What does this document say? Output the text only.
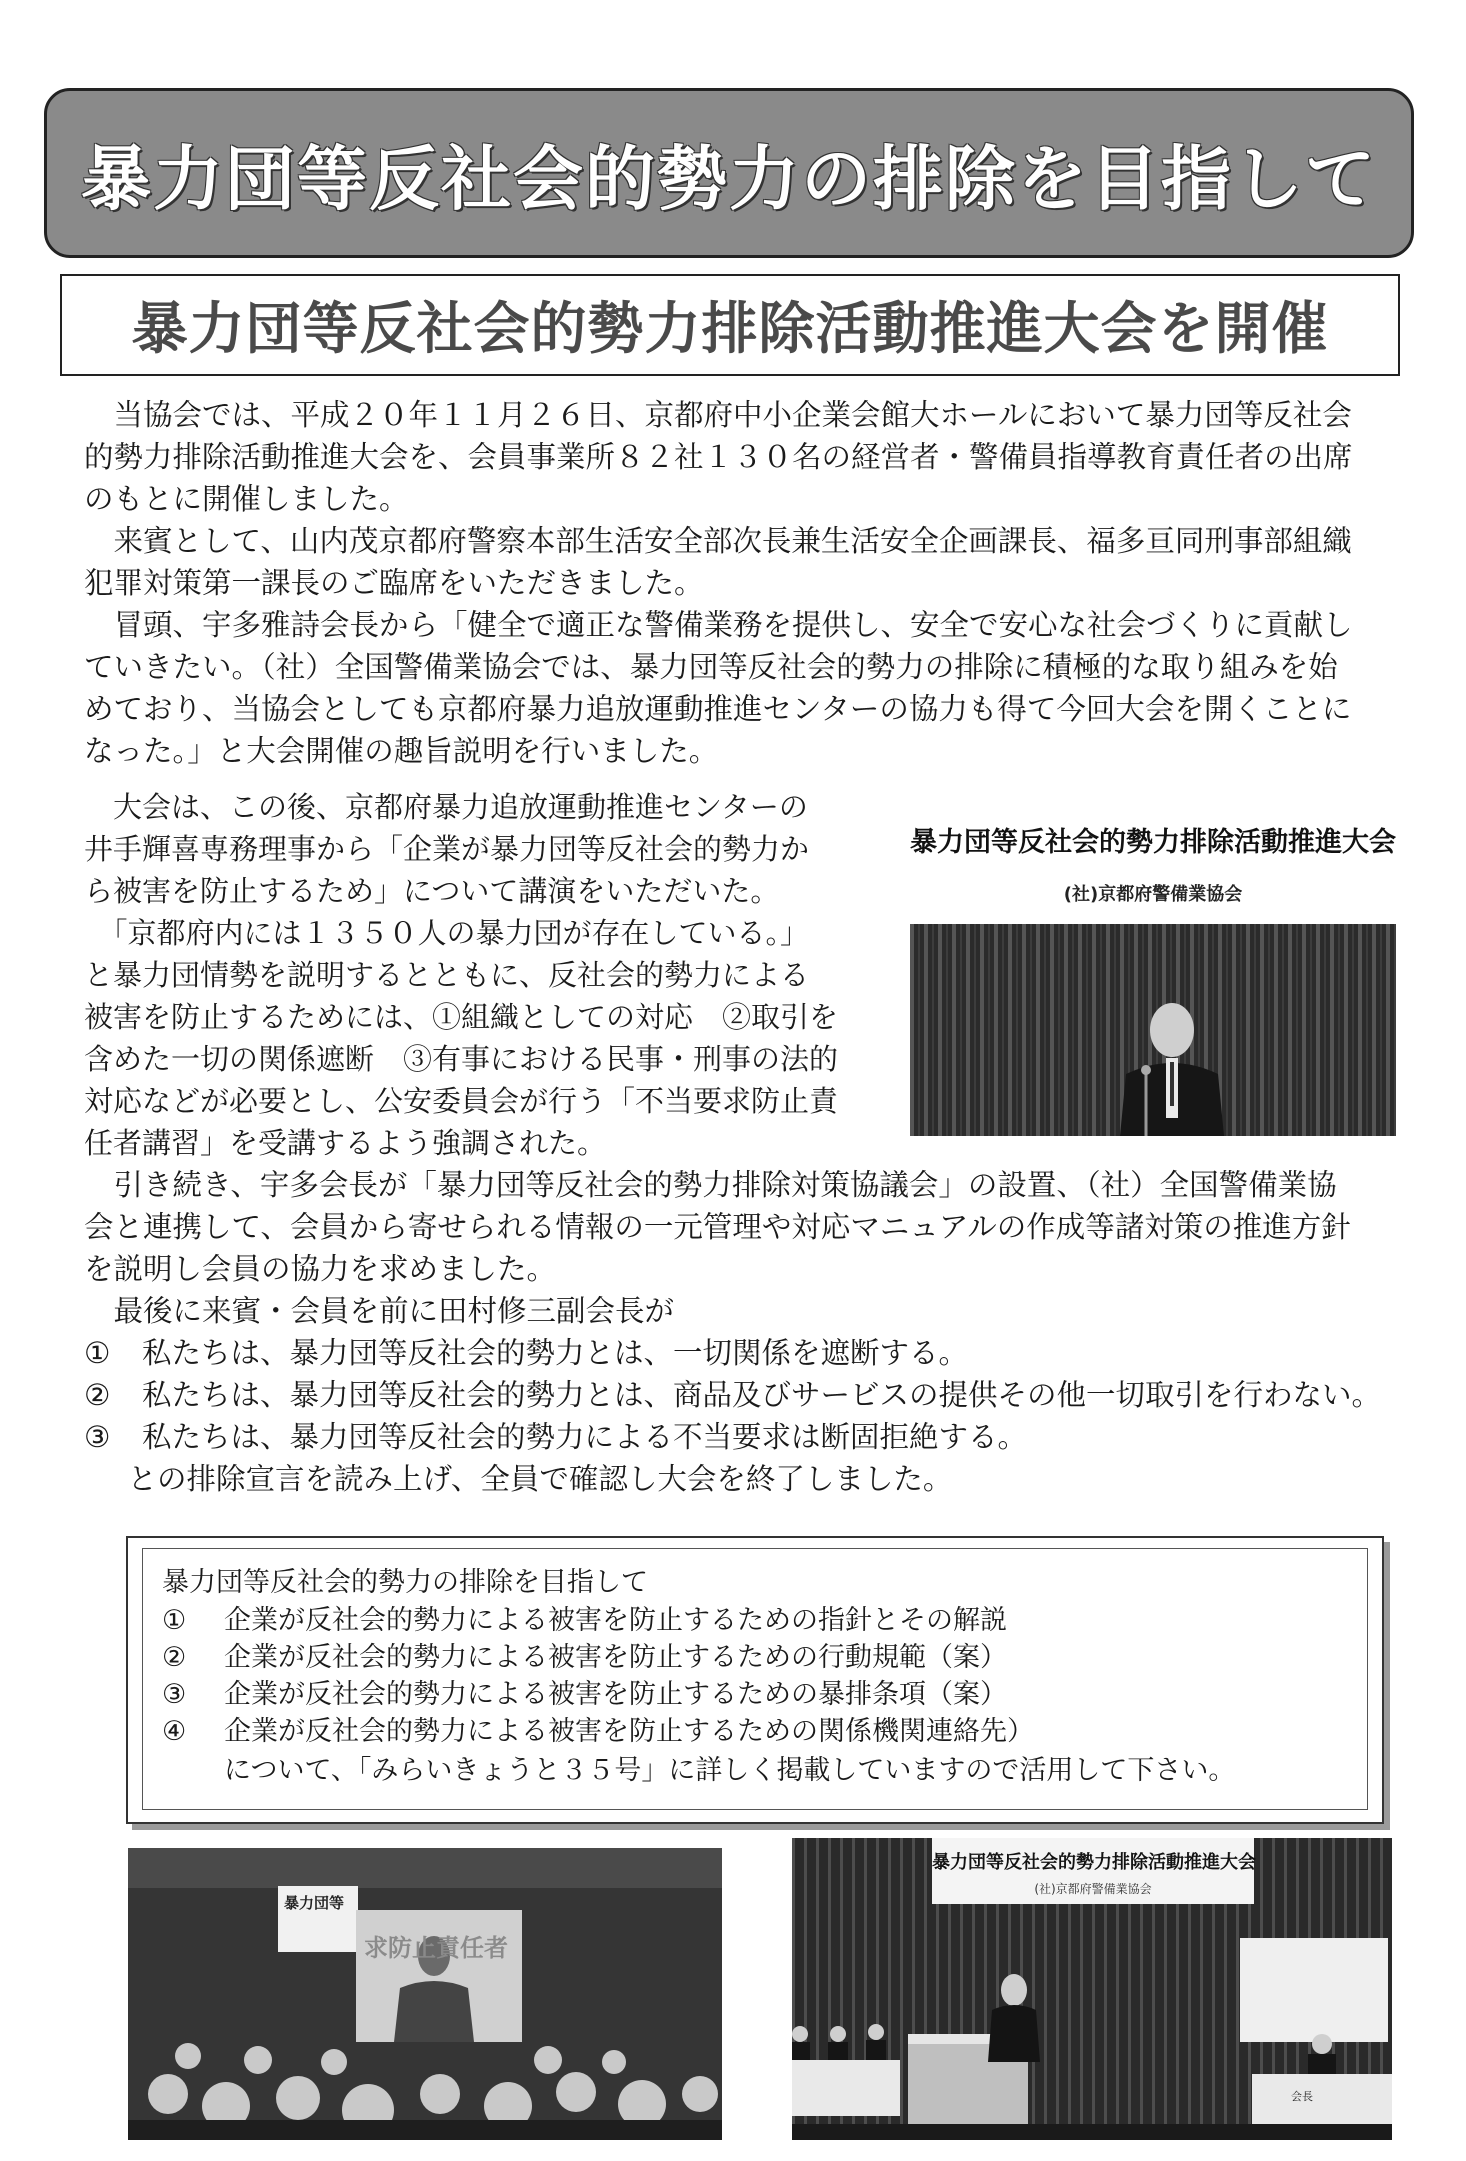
暴力団等反社会的勢力の排除を目指して
暴力団等反社会的勢力排除活動推進大会を開催
　当協会では、平成２０年１１月２６日、京都府中小企業会館大ホールにおいて暴力団等反社会
的勢力排除活動推進大会を、会員事業所８２社１３０名の経営者・警備員指導教育責任者の出席
のもとに開催しました。
　来賓として、山内茂京都府警察本部生活安全部次長兼生活安全企画課長、福多亘同刑事部組織
犯罪対策第一課長のご臨席をいただきました。
　冒頭、宇多雅詩会長から「健全で適正な警備業務を提供し、安全で安心な社会づくりに貢献し
ていきたい。（社）全国警備業協会では、暴力団等反社会的勢力の排除に積極的な取り組みを始
めており、当協会としても京都府暴力追放運動推進センターの協力も得て今回大会を開くことに
なった。」と大会開催の趣旨説明を行いました。
　大会は、この後、京都府暴力追放運動推進センターの
井手輝喜専務理事から「企業が暴力団等反社会的勢力か
ら被害を防止するため」について講演をいただいた。
　「京都府内には１３５０人の暴力団が存在している。」
と暴力団情勢を説明するとともに、反社会的勢力による
被害を防止するためには、①組織としての対応　②取引を
含めた一切の関係遮断　③有事における民事・刑事の法的
対応などが必要とし、公安委員会が行う「不当要求防止責
任者講習」を受講するよう強調された。
暴力団等反社会的勢力排除活動推進大会
(社)京都府警備業協会
　引き続き、宇多会長が「暴力団等反社会的勢力排除対策協議会」の設置、（社）全国警備業協
会と連携して、会員から寄せられる情報の一元管理や対応マニュアルの作成等諸対策の推進方針
を説明し会員の協力を求めました。
　最後に来賓・会員を前に田村修三副会長が
① 私たちは、暴力団等反社会的勢力とは、一切関係を遮断する。
② 私たちは、暴力団等反社会的勢力とは、商品及びサービスの提供その他一切取引を行わない。
③ 私たちは、暴力団等反社会的勢力による不当要求は断固拒絶する。
　との排除宣言を読み上げ、全員で確認し大会を終了しました。
暴力団等反社会的勢力の排除を目指して
① 企業が反社会的勢力による被害を防止するための指針とその解説
② 企業が反社会的勢力による被害を防止するための行動規範（案）
③ 企業が反社会的勢力による被害を防止するための暴排条項（案）
④ 企業が反社会的勢力による被害を防止するための関係機関連絡先）
について、「みらいきょうと３５号」に詳しく掲載していますので活用して下さい。
暴力団等
求防止責任者
暴力団等反社会的勢力排除活動推進大会
(社)京都府警備業協会
会長
